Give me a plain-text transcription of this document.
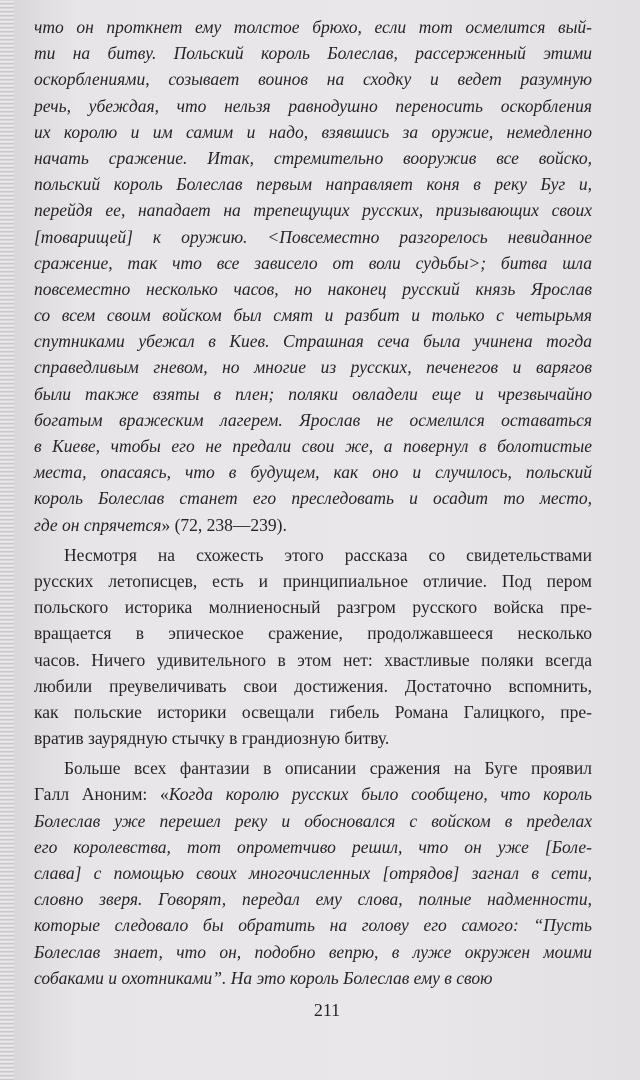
что он проткнет ему толстое брюхо, если тот осмелится вый-
ти на битву. Польский король Болеслав, рассерженный этими
оскорблениями, созывает воинов на сходку и ведет разумную
речь, убеждая, что нельзя равнодушно переносить оскорбления
их королю и им самим и надо, взявшись за оружие, немедленно
начать сражение. Итак, стремительно вооружив все войско,
польский король Болеслав первым направляет коня в реку Буг и,
перейдя ее, нападает на трепещущих русских, призывающих своих
[товарищей] к оружию. <Повсеместно разгорелось невиданное
сражение, так что все зависело от воли судьбы>; битва шла
повсеместно несколько часов, но наконец русский князь Ярослав
со всем своим войском был смят и разбит и только с четырьмя
спутниками убежал в Киев. Страшная сеча была учинена тогда
справедливым гневом, но многие из русских, печенегов и варягов
были также взяты в плен; поляки овладели еще и чрезвычайно
богатым вражеским лагерем. Ярослав не осмелился оставаться
в Киеве, чтобы его не предали свои же, а повернул в болотистые
места, опасаясь, что в будущем, как оно и случилось, польский
король Болеслав станет его преследовать и осадит то место,
где он спрячется» (72, 238—239).
Несмотря на схожесть этого рассказа со свидетельствами
русских летописцев, есть и принципиальное отличие. Под пером
польского историка молниеносный разгром русского войска пре-
вращается в эпическое сражение, продолжавшееся несколько
часов. Ничего удивительного в этом нет: хвастливые поляки всегда
любили преувеличивать свои достижения. Достаточно вспомнить,
как польские историки освещали гибель Романа Галицкого, пре-
вратив заурядную стычку в грандиозную битву.
Больше всех фантазии в описании сражения на Буге проявил
Галл Аноним: «Когда королю русских было сообщено, что король
Болеслав уже перешел реку и обосновался с войском в пределах
его королевства, тот опрометчиво решил, что он уже [Боле-
слава] с помощью своих многочисленных [отрядов] загнал в сети,
словно зверя. Говорят, передал ему слова, полные надменности,
которые следовало бы обратить на голову его самого: “Пусть
Болеслав знает, что он, подобно вепрю, в луже окружен моими
собаками и охотниками”. На это король Болеслав ему в свою
211
